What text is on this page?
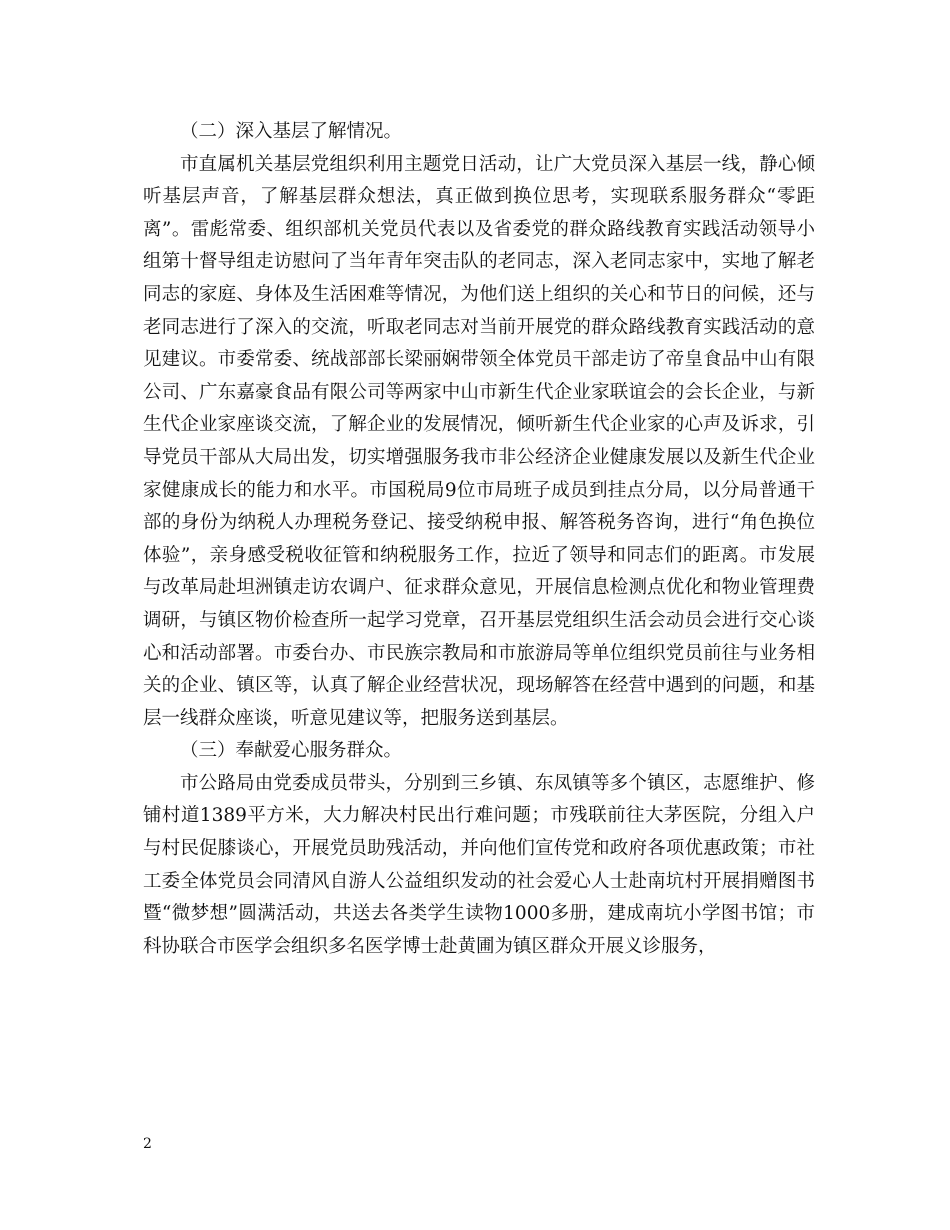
（二）深入基层了解情况。

市直属机关基层党组织利用主题党日活动，让广大党员深入基层一线，静心倾听基层声音，了解基层群众想法，真正做到换位思考，实现联系服务群众“零距离”。雷彪常委、组织部机关党员代表以及省委党的群众路线教育实践活动领导小组第十督导组走访慰问了当年青年突击队的老同志，深入老同志家中，实地了解老同志的家庭、身体及生活困难等情况，为他们送上组织的关心和节日的问候，还与老同志进行了深入的交流，听取老同志对当前开展党的群众路线教育实践活动的意见建议。市委常委、统战部部长梁丽娴带领全体党员干部走访了帝皇食品中山有限公司、广东嘉豪食品有限公司等两家中山市新生代企业家联谊会的会长企业，与新生代企业家座谈交流，了解企业的发展情况，倾听新生代企业家的心声及诉求，引导党员干部从大局出发，切实增强服务我市非公经济企业健康发展以及新生代企业家健康成长的能力和水平。市国税局9位市局班子成员到挂点分局，以分局普通干部的身份为纳税人办理税务登记、接受纳税申报、解答税务咨询，进行“角色换位体验”，亲身感受税收征管和纳税服务工作，拉近了领导和同志们的距离。市发展与改革局赴坦洲镇走访农调户、征求群众意见，开展信息检测点优化和物业管理费调研，与镇区物价检查所一起学习党章，召开基层党组织生活会动员会进行交心谈心和活动部署。市委台办、市民族宗教局和市旅游局等单位组织党员前往与业务相关的企业、镇区等，认真了解企业经营状况，现场解答在经营中遇到的问题，和基层一线群众座谈，听意见建议等，把服务送到基层。

（三）奉献爱心服务群众。

市公路局由党委成员带头，分别到三乡镇、东凤镇等多个镇区，志愿维护、修铺村道1389平方米，大力解决村民出行难问题；市残联前往大茅医院，分组入户与村民促膝谈心，开展党员助残活动，并向他们宣传党和政府各项优惠政策；市社工委全体党员会同清风自游人公益组织发动的社会爱心人士赴南坑村开展捐赠图书暨“微梦想”圆满活动，共送去各类学生读物1000多册，建成南坑小学图书馆；市科协联合市医学会组织多名医学博士赴黄圃为镇区群众开展义诊服务，

2
